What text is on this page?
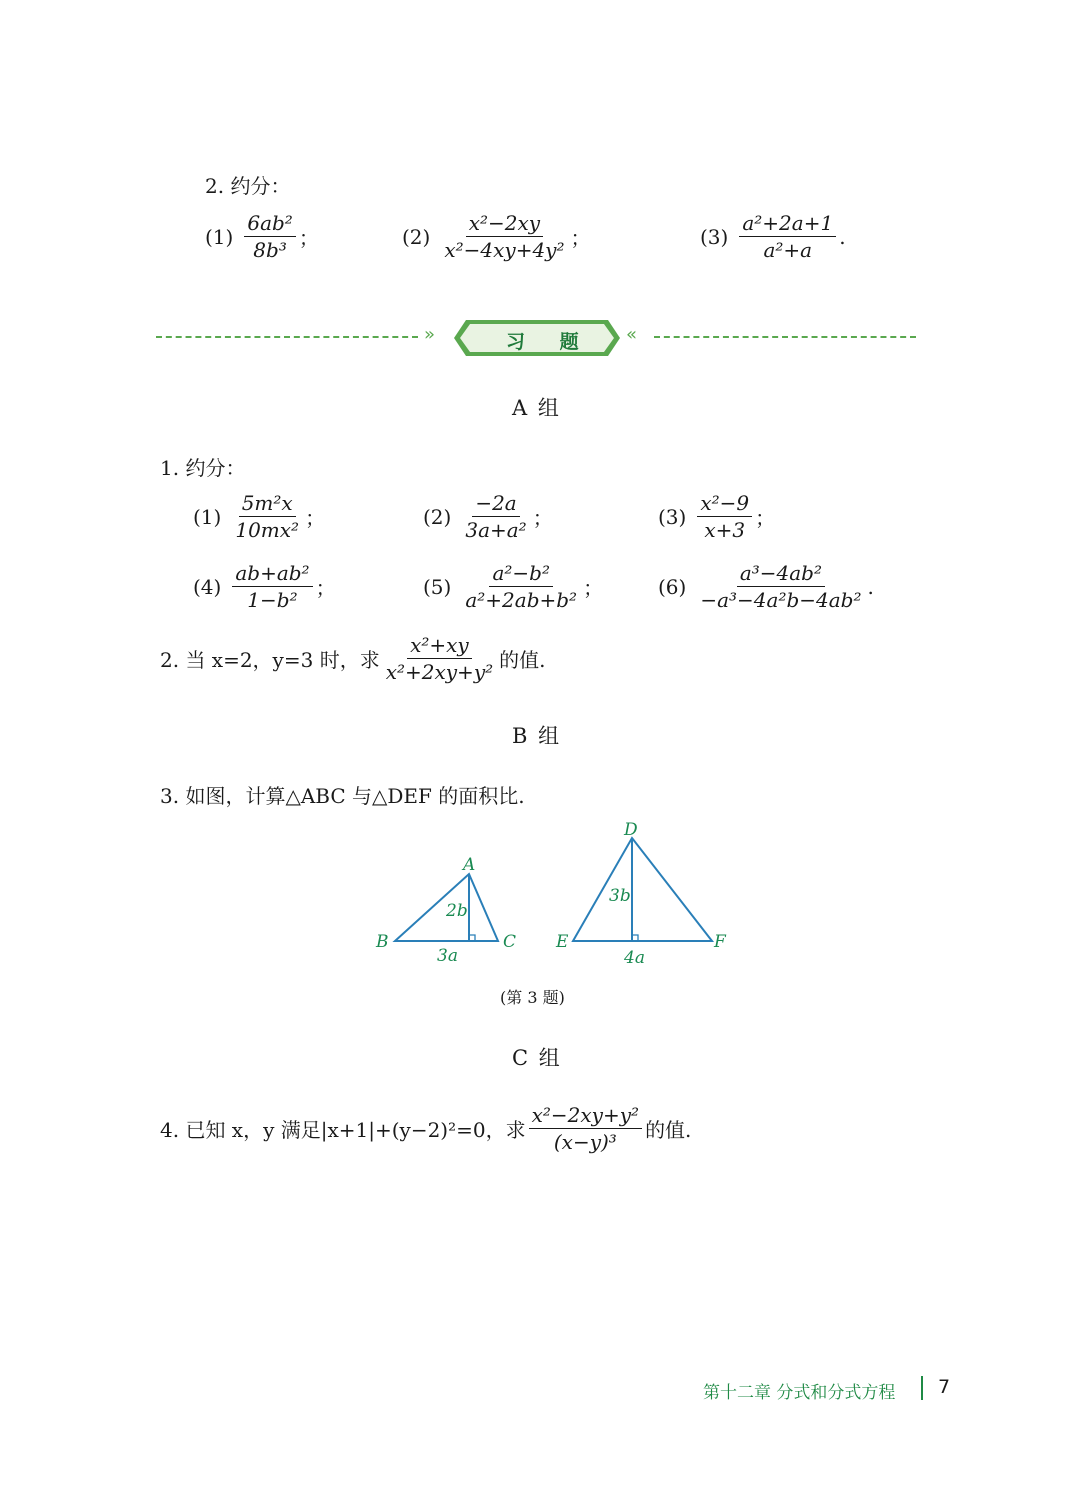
2. 约分：
$(1) \frac{\text{6ab²}}{\text{8b³}}$ ；	$(2) \frac{\text{x²−2xy}}{\text{x²−4xy+4y²}}$ ；	$(3) \frac{\text{a²+2a+1}}{\text{a²+a}}$ .
»	«
习 题
A 组
1. 约分：
$(1) \frac{\text{5m²x}}{\text{10mx²}}$ ；	$(2) \frac{-2a}{\text{3a+a²}}$ ；	$(3) \frac{\text{x²−9}}{x+3}$ ；
$(4) \frac{\text{ab+ab²}}{\text{1−b²}}$ ；	$(5) \frac{\text{a²−b²}}{\text{a²+2ab+b²}}$ ；	$(6) \frac{\text{a³−4ab²}}{\text{−a³−4a²b−4ab²}}$ .
2. 当 x=2，y=3 时，求 $\frac{\text{x²+xy}}{\text{x²+2xy+y²}}$ 的值.
B 组
3. 如图，计算△ABC 与△DEF 的面积比.
A
B	C
2b
3a
D
E	F
3b
4a
(第 3 题)
C 组
4. 已知 x，y 满足|x+1|+(y−2)²=0，求 $\frac{\text{x²−2xy+y²}}{\text{(x−y)³}}$ 的值.
第十二章 分式和分式方程 7
